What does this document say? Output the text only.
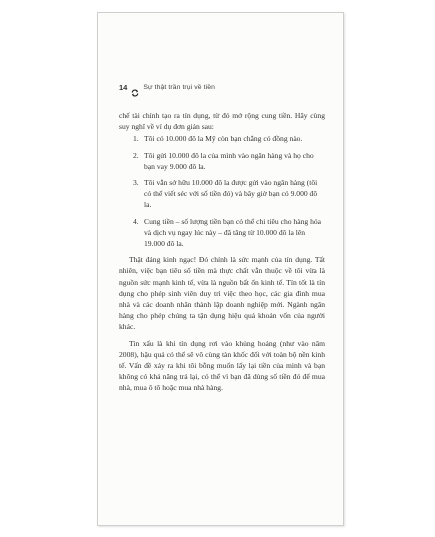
14 Sự thật trần trụi về tiền

chế tài chính tạo ra tín dụng, từ đó mở rộng cung tiền. Hãy cùng suy nghĩ về ví dụ đơn giản sau:

1. Tôi có 10.000 đô la Mỹ còn bạn chẳng có đồng nào.
2. Tôi gửi 10.000 đô la của mình vào ngân hàng và họ cho bạn vay 9.000 đô la.
3. Tôi vẫn sở hữu 10.000 đô la được gửi vào ngân hàng (tôi có thể viết séc với số tiền đó) và bây giờ bạn có 9.000 đô la.
4. Cung tiền – số lượng tiền bạn có thể chi tiêu cho hàng hóa và dịch vụ ngay lúc này – đã tăng từ 10.000 đô la lên 19.000 đô la.

Thật đáng kinh ngạc! Đó chính là sức mạnh của tín dụng. Tất nhiên, việc bạn tiêu số tiền mà thực chất vẫn thuộc về tôi vừa là nguồn sức mạnh kinh tế, vừa là nguồn bất ổn kinh tế. Tín tốt là tín dụng cho phép sinh viên duy trì việc theo học, các gia đình mua nhà và các doanh nhân thành lập doanh nghiệp mới. Ngành ngân hàng cho phép chúng ta tận dụng hiệu quả khoản vốn của người khác.

Tin xấu là khi tín dụng rơi vào khủng hoảng (như vào năm 2008), hậu quả có thể sẽ vô cùng tàn khốc đối với toàn bộ nền kinh tế. Vấn đề xảy ra khi tôi bỗng muốn lấy lại tiền của mình và bạn không có khả năng trả lại, có thể vì bạn đã dùng số tiền đó để mua nhà, mua ô tô hoặc mua nhà hàng.
